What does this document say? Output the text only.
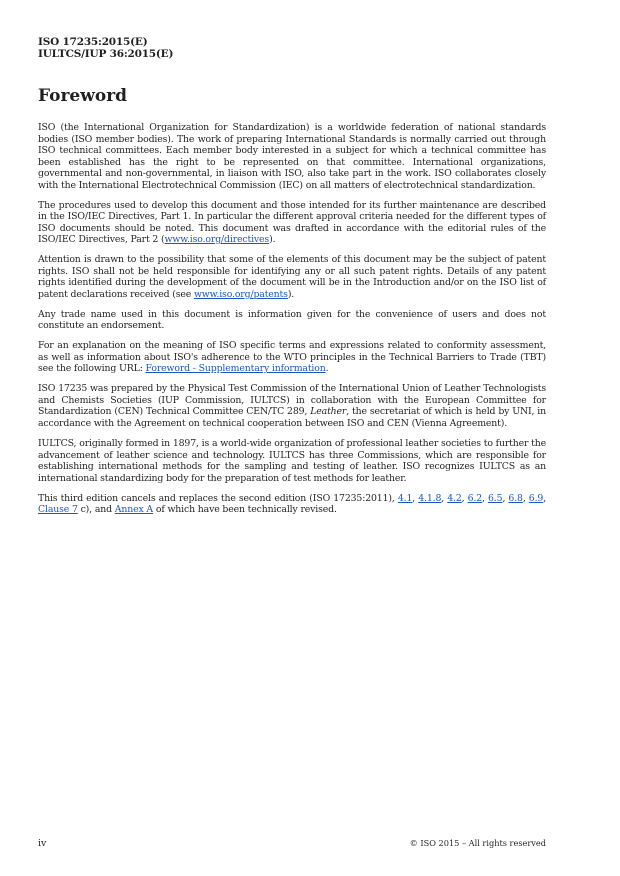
ISO 17235:2015(E)
IULTCS/IUP 36:2015(E)
Foreword

ISO (the International Organization for Standardization) is a worldwide federation of national standards bodies (ISO member bodies). The work of preparing International Standards is normally carried out through ISO technical committees. Each member body interested in a subject for which a technical committee has been established has the right to be represented on that committee. International organizations, governmental and non-governmental, in liaison with ISO, also take part in the work. ISO collaborates closely with the International Electrotechnical Commission (IEC) on all matters of electrotechnical standardization.

The procedures used to develop this document and those intended for its further maintenance are described in the ISO/IEC Directives, Part 1. In particular the different approval criteria needed for the different types of ISO documents should be noted. This document was drafted in accordance with the editorial rules of the ISO/IEC Directives, Part 2 (www.iso.org/directives).

Attention is drawn to the possibility that some of the elements of this document may be the subject of patent rights. ISO shall not be held responsible for identifying any or all such patent rights. Details of any patent rights identified during the development of the document will be in the Introduction and/or on the ISO list of patent declarations received (see www.iso.org/patents).

Any trade name used in this document is information given for the convenience of users and does not constitute an endorsement.

For an explanation on the meaning of ISO specific terms and expressions related to conformity assessment, as well as information about ISO's adherence to the WTO principles in the Technical Barriers to Trade (TBT) see the following URL: Foreword - Supplementary information.

ISO 17235 was prepared by the Physical Test Commission of the International Union of Leather Technologists and Chemists Societies (IUP Commission, IULTCS) in collaboration with the European Committee for Standardization (CEN) Technical Committee CEN/TC 289, Leather, the secretariat of which is held by UNI, in accordance with the Agreement on technical cooperation between ISO and CEN (Vienna Agreement).

IULTCS, originally formed in 1897, is a world-wide organization of professional leather societies to further the advancement of leather science and technology. IULTCS has three Commissions, which are responsible for establishing international methods for the sampling and testing of leather. ISO recognizes IULTCS as an international standardizing body for the preparation of test methods for leather.

This third edition cancels and replaces the second edition (ISO 17235:2011), 4.1, 4.1.8, 4.2, 6.2, 6.5, 6.8, 6.9, Clause 7 c), and Annex A of which have been technically revised.

iv	© ISO 2015 – All rights reserved
